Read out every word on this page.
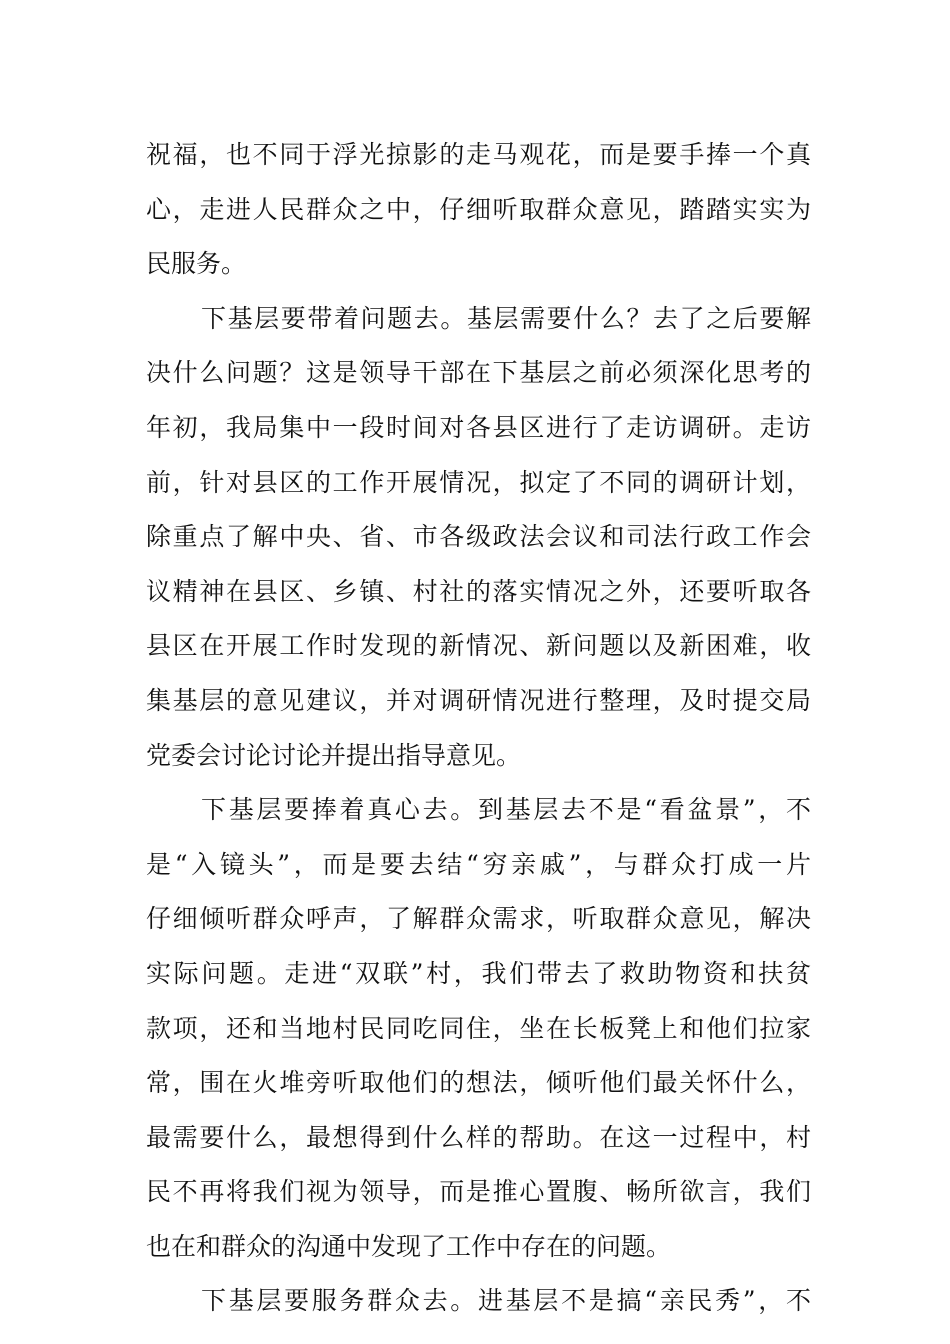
祝福，也不同于浮光掠影的走马观花，而是要手捧一个真
心，走进人民群众之中，仔细听取群众意见，踏踏实实为
民服务。
下基层要带着问题去。基层需要什么？去了之后要解
决什么问题？这是领导干部在下基层之前必须深化思考的
年初，我局集中一段时间对各县区进行了走访调研。走访
前，针对县区的工作开展情况，拟定了不同的调研计划，
除重点了解中央、省、市各级政法会议和司法行政工作会
议精神在县区、乡镇、村社的落实情况之外，还要听取各
县区在开展工作时发现的新情况、新问题以及新困难，收
集基层的意见建议，并对调研情况进行整理，及时提交局
党委会讨论讨论并提出指导意见。
下基层要捧着真心去。到基层去不是“看盆景”，不
是“入镜头”，而是要去结“穷亲戚”，与群众打成一片
仔细倾听群众呼声，了解群众需求，听取群众意见，解决
实际问题。走进“双联”村，我们带去了救助物资和扶贫
款项，还和当地村民同吃同住，坐在长板凳上和他们拉家
常，围在火堆旁听取他们的想法，倾听他们最关怀什么，
最需要什么，最想得到什么样的帮助。在这一过程中，村
民不再将我们视为领导，而是推心置腹、畅所欲言，我们
也在和群众的沟通中发现了工作中存在的问题。
下基层要服务群众去。进基层不是搞“亲民秀”，不
